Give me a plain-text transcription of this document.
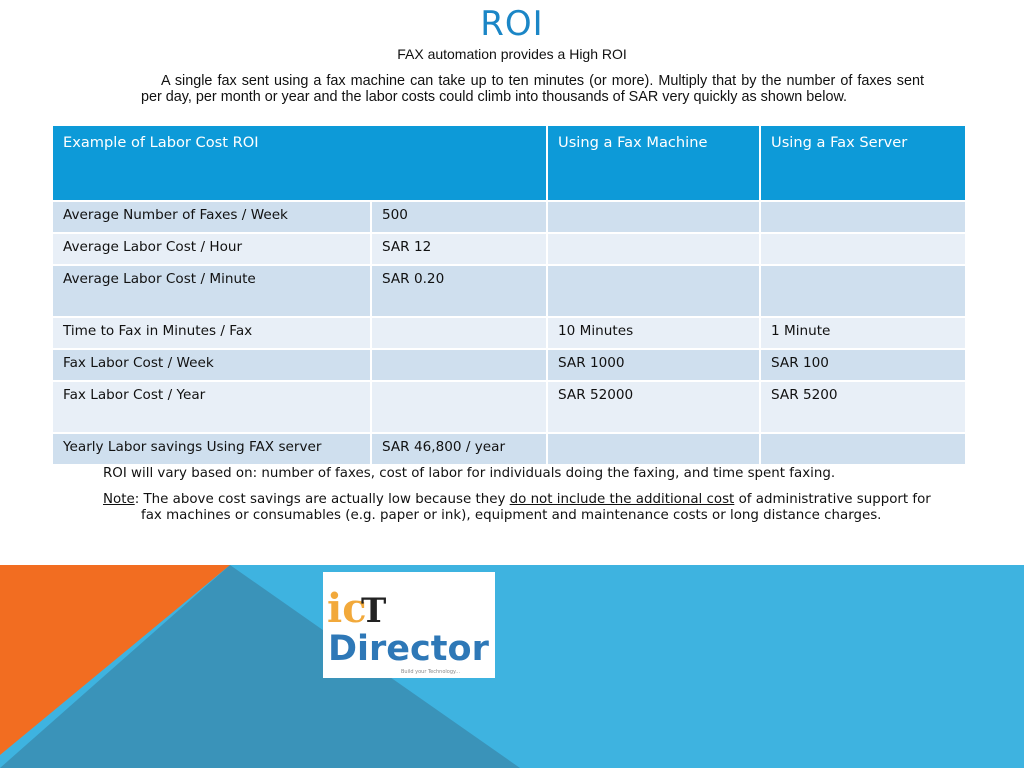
ROI
FAX automation provides a High ROI
A single fax sent using a fax machine can take up to ten minutes (or more). Multiply that by the number of faxes sent per day, per month or year and the labor costs could climb into thousands of SAR very quickly as shown below.
Example of Labor Cost ROI		Using a Fax Machine	Using a Fax Server
Average Number of Faxes / Week	500		
Average Labor Cost / Hour	SAR 12		
Average Labor Cost / Minute	SAR 0.20		
Time to Fax in Minutes / Fax		10 Minutes	1 Minute
Fax Labor Cost / Week		SAR 1000	SAR 100
Fax Labor Cost / Year		SAR 52000	SAR 5200
Yearly Labor savings Using FAX server	SAR 46,800 / year		

ROI will vary based on: number of faxes, cost of labor for individuals doing the faxing, and time spent faxing.

Note: The above cost savings are actually low because they do not include the additional cost of administrative support for fax machines or consumables (e.g. paper or ink), equipment and maintenance costs or long distance charges.

ic
T
Director
Build your Technology...
